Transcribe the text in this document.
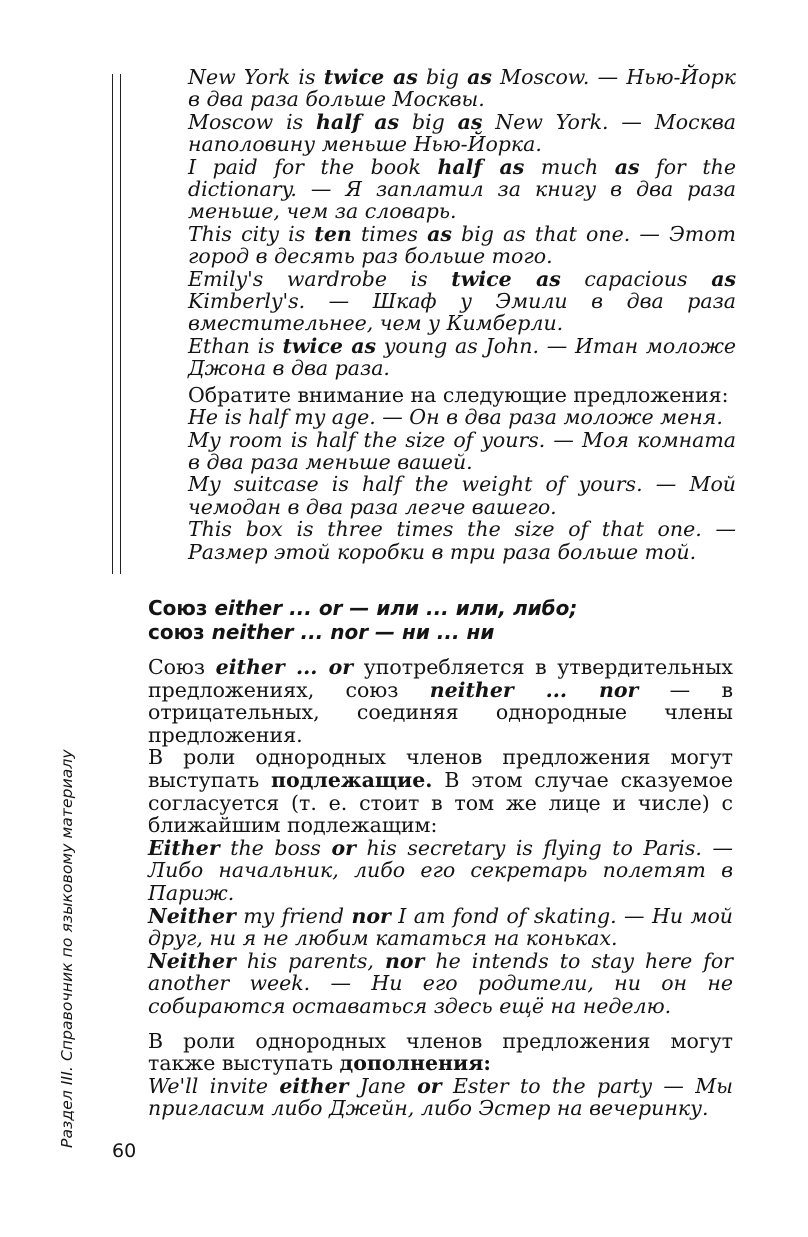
New York is twice as big as Moscow. — Нью-Йорк в два раза больше Москвы.

Moscow is half as big as New York. — Москва наполовину меньше Нью-Йорка.

I paid for the book half as much as for the dictionary. — Я заплатил за книгу в два раза меньше, чем за словарь.

This city is ten times as big as that one. — Этот город в десять раз больше того.

Emily's wardrobe is twice as capacious as Kimberly's. — Шкаф у Эмили в два раза вместительнее, чем у Кимберли.

Ethan is twice as young as John. — Итан моложе Джона в два раза.

Обратите внимание на следующие предложения:

He is half my age. — Он в два раза моложе меня.

My room is half the size of yours. — Моя комната в два раза меньше вашей.

My suitcase is half the weight of yours. — Мой чемодан в два раза легче вашего.

This box is three times the size of that one. — Размер этой коробки в три раза больше той.

Союз either ... or — или ... или, либо;
союз neither ... nor — ни ... ни

Союз either ... or употребляется в утвердительных предложениях, союз neither ... nor — в отрицательных, соединяя однородные члены предложения.

В роли однородных членов предложения могут выступать подлежащие. В этом случае сказуемое согласуется (т. е. стоит в том же лице и числе) с ближайшим подлежащим:

Either the boss or his secretary is flying to Paris. — Либо начальник, либо его секретарь полетят в Париж.

Neither my friend nor I am fond of skating. — Ни мой друг, ни я не любим кататься на коньках.

Neither his parents, nor he intends to stay here for another week. — Ни его родители, ни он не собираются оставаться здесь ещё на неделю.

В роли однородных членов предложения могут также выступать дополнения:

We'll invite either Jane or Ester to the party — Мы пригласим либо Джейн, либо Эстер на вечеринку.

Раздел III. Справочник по языковому материалу
60
